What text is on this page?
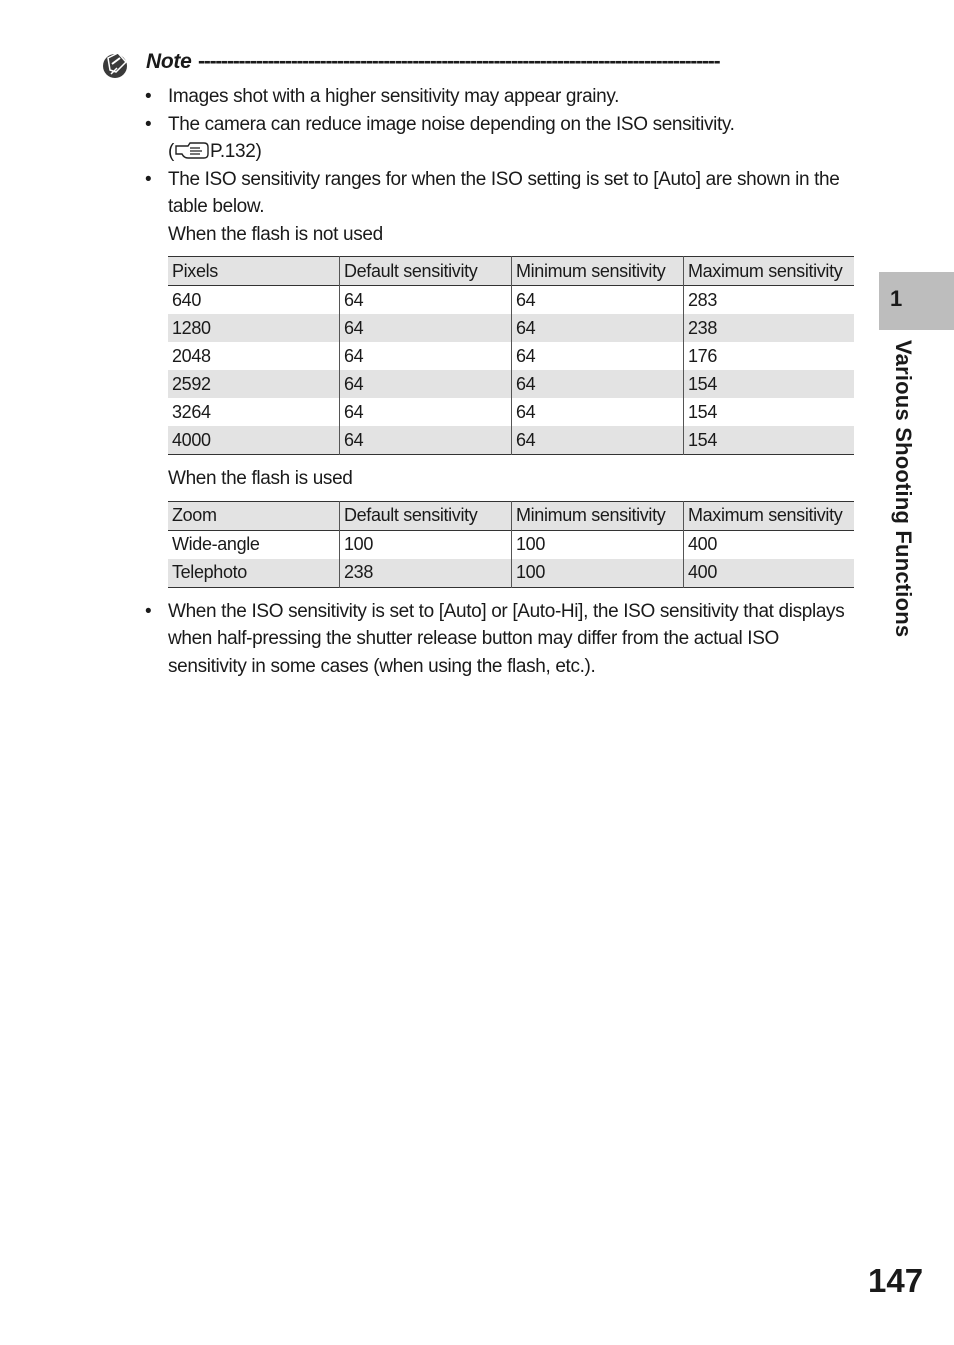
Note ------------------------------------------------------------------------------------------
• Images shot with a higher sensitivity may appear grainy.
• The camera can reduce image noise depending on the ISO sensitivity.
( P.132)
• The ISO sensitivity ranges for when the ISO setting is set to [Auto] are shown in the table below.
When the flash is not used
Pixels	Default sensitivity	Minimum sensitivity	Maximum sensitivity
640	64	64	283
1280	64	64	238
2048	64	64	176
2592	64	64	154
3264	64	64	154
4000	64	64	154
When the flash is used
Zoom	Default sensitivity	Minimum sensitivity	Maximum sensitivity
Wide-angle	100	100	400
Telephoto	238	100	400
• When the ISO sensitivity is set to [Auto] or [Auto-Hi], the ISO sensitivity that displays when half-pressing the shutter release button may differ from the actual ISO sensitivity in some cases (when using the flash, etc.).
1
Various Shooting Functions
147
